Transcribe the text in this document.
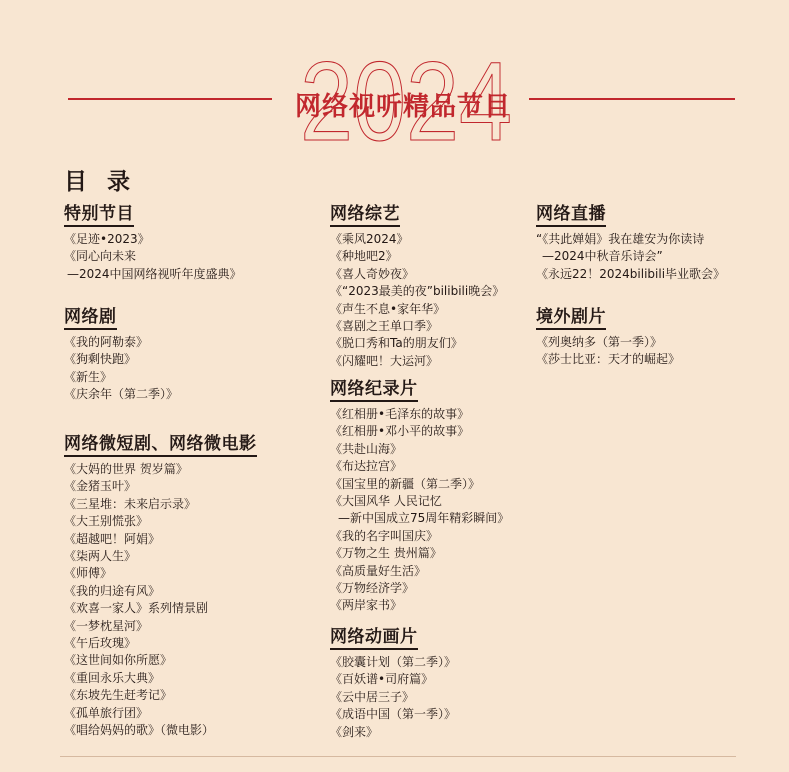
2024
网络视听精品节目
目 录
特别节目
《足迹•2023》
《同心向未来
—2024中国网络视听年度盛典》
网络剧
《我的阿勒泰》
《狗剩快跑》
《新生》
《庆余年（第二季）》
网络微短剧、网络微电影
《大妈的世界 贺岁篇》
《金猪玉叶》
《三星堆：未来启示录》
《大王别慌张》
《超越吧！阿娟》
《柒两人生》
《师傅》
《我的归途有风》
《欢喜一家人》系列情景剧
《一梦枕星河》
《午后玫瑰》
《这世间如你所愿》
《重回永乐大典》
《东坡先生赶考记》
《孤单旅行团》
《唱给妈妈的歌》（微电影）
网络综艺
《乘风2024》
《种地吧2》
《喜人奇妙夜》
《“2023最美的夜”bilibili晚会》
《声生不息•家年华》
《喜剧之王单口季》
《脱口秀和Ta的朋友们》
《闪耀吧！大运河》
网络纪录片
《红相册•毛泽东的故事》
《红相册•邓小平的故事》
《共赴山海》
《布达拉宫》
《国宝里的新疆（第二季）》
《大国风华 人民记忆
—新中国成立75周年精彩瞬间》
《我的名字叫国庆》
《万物之生 贵州篇》
《高质量好生活》
《万物经济学》
《两岸家书》
网络动画片
《胶囊计划（第二季）》
《百妖谱•司府篇》
《云中居三子》
《成语中国（第一季）》
《剑来》
网络直播
“《共此婵娟》我在雄安为你读诗
—2024中秋音乐诗会”
《永远22！2024bilibili毕业歌会》
境外剧片
《列奥纳多（第一季）》
《莎士比亚：天才的崛起》
